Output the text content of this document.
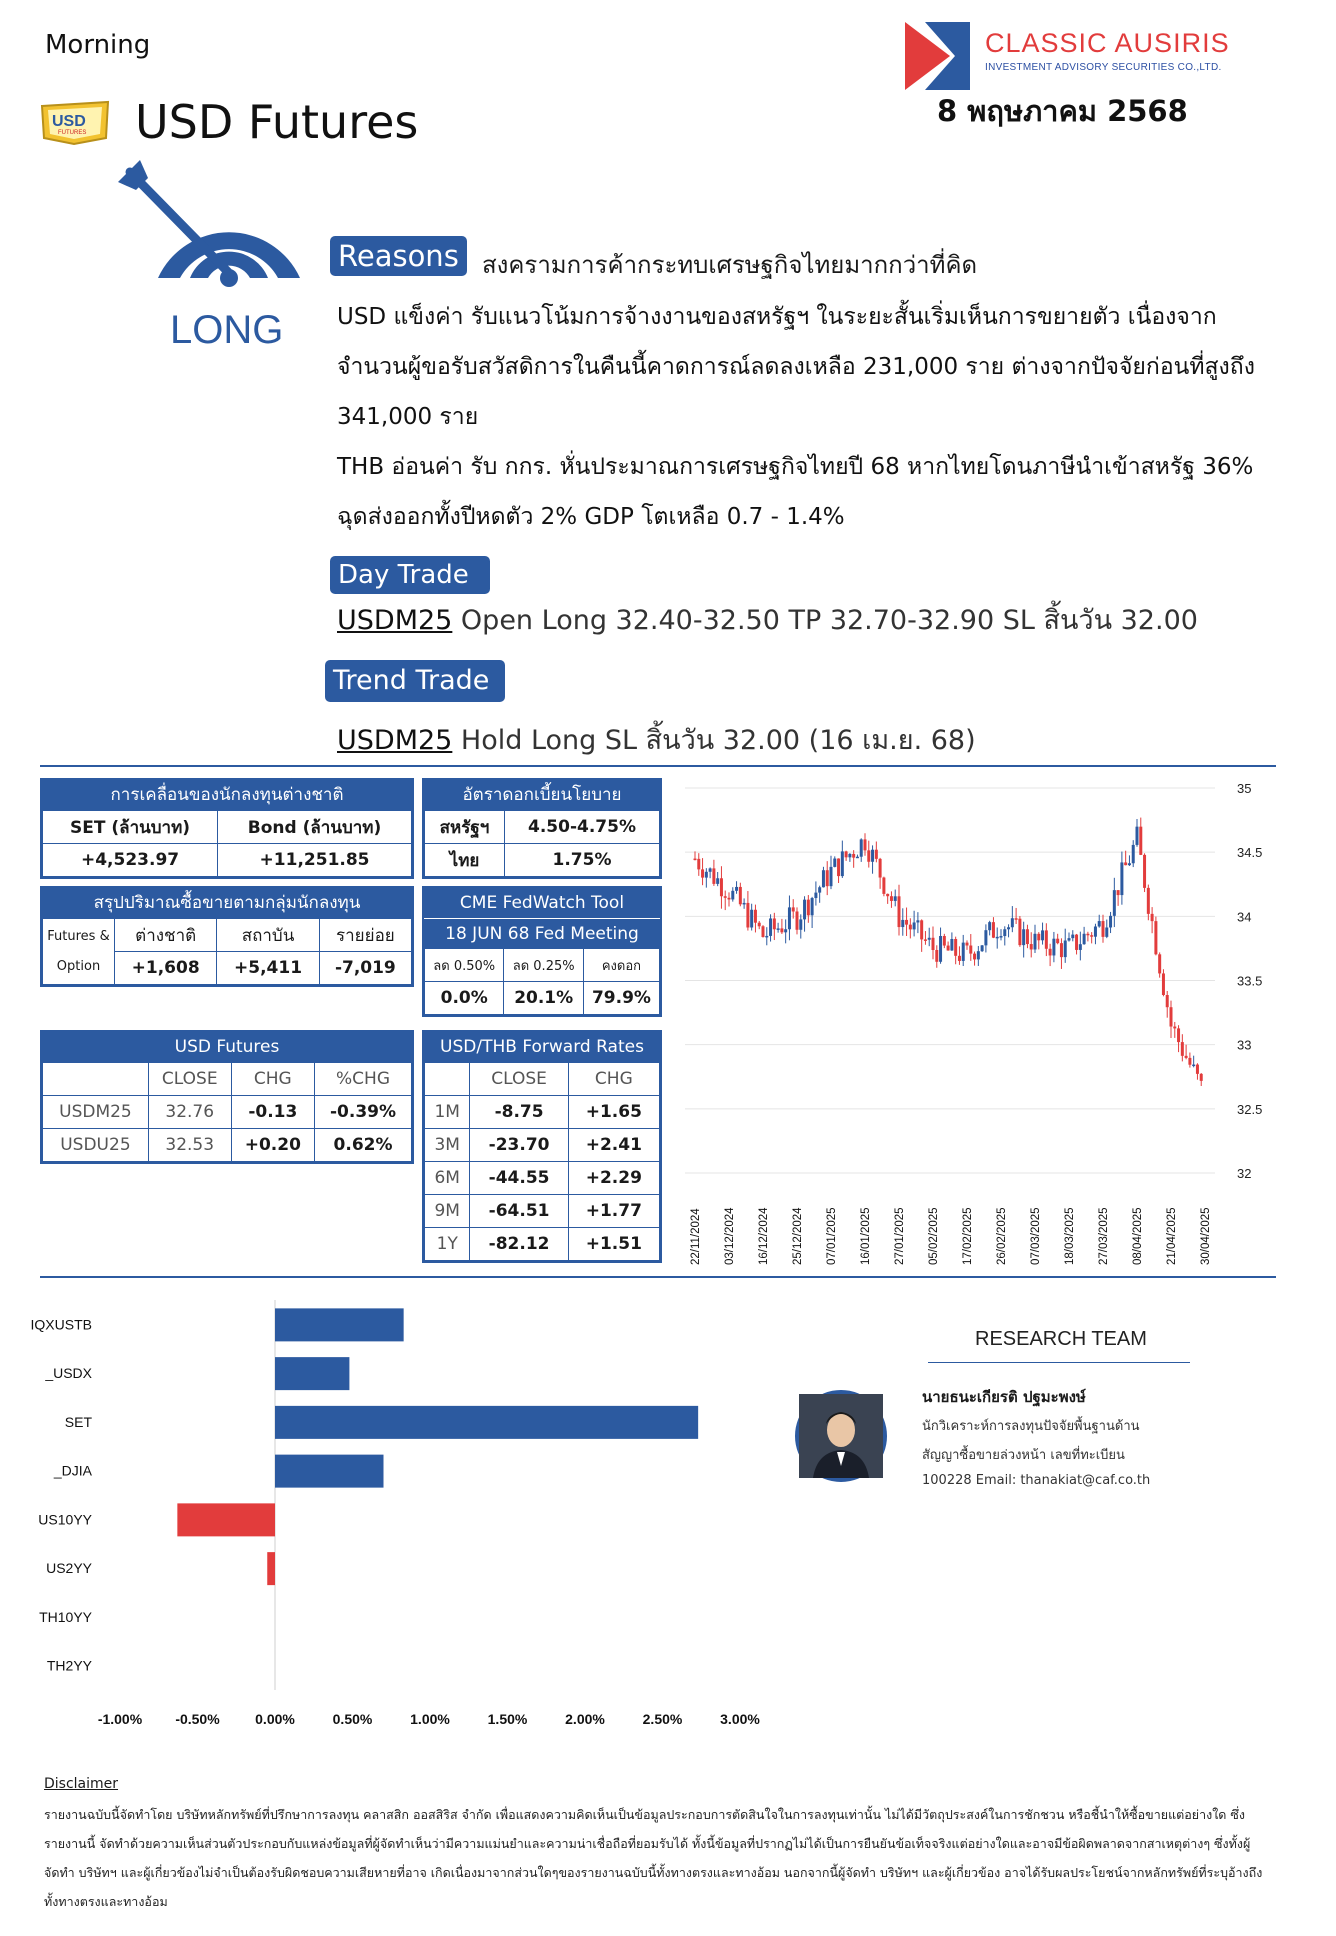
Morning
USD
FUTURES USD Futures
CLASSIC AUSIRIS
INVESTMENT ADVISORY SECURITIES CO.,LTD.
8 พฤษภาคม 2568
LONG
Reasons สงครามการค้ากระทบเศรษฐกิจไทยมากกว่าที่คิด
USD แข็งค่า รับแนวโน้มการจ้างงานของสหรัฐฯ ในระยะสั้นเริ่มเห็นการขยายตัว เนื่องจากจำนวนผู้ขอรับสวัสดิการในคืนนี้คาดการณ์ลดลงเหลือ 231,000 ราย ต่างจากปัจจัยก่อนที่สูงถึง 341,000 ราย
THB อ่อนค่า รับ กกร. หั่นประมาณการเศรษฐกิจไทยปี 68 หากไทยโดนภาษีนำเข้าสหรัฐ 36% ฉุดส่งออกทั้งปีหดตัว 2% GDP โตเหลือ 0.7 - 1.4%
Day Trade
USDM25 Open Long 32.40-32.50 TP 32.70-32.90 SL สิ้นวัน 32.00
Trend Trade
USDM25 Hold Long SL สิ้นวัน 32.00 (16 เม.ย. 68)
การเคลื่อนของนักลงทุนต่างชาติ
SET (ล้านบาท)	Bond (ล้านบาท)
+4,523.97	+11,251.85
อัตราดอกเบี้ยนโยบาย
สหรัฐฯ	4.50-4.75%
ไทย	1.75%
สรุปปริมาณซื้อขายตามกลุ่มนักลงทุน
Futures &

Option	ต่างชาติ	สถาบัน	รายย่อย
	+1,608	+5,411	-7,019
CME FedWatch Tool
18 JUN 68 Fed Meeting
ลด 0.50%	ลด 0.25%	คงดอก
0.0%	20.1%	79.9%
USD Futures
	CLOSE	CHG	%CHG
USDM25	32.76	-0.13	-0.39%
USDU25	32.53	+0.20	0.62%
USD/THB Forward Rates
	CLOSE	CHG
1M	-8.75	+1.65
3M	-23.70	+2.41
6M	-44.55	+2.29
9M	-64.51	+1.77
1Y	-82.12	+1.51
35
34.5
34
33.5
33
32.5
32
22/11/2024 03/12/2024 16/12/2024 25/12/2024 07/01/2025 16/01/2025 27/01/2025 05/02/2025 17/02/2025 26/02/2025 07/03/2025 18/03/2025 27/03/2025 08/04/2025 21/04/2025 30/04/2025
IQXUSTB
_USDX
SET
_DJIA
US10YY
US2YY
TH10YY
TH2YY
-1.00% -0.50%	0.00%	0.50%	1.00%	1.50%	2.00%	2.50%	3.00%
RESEARCH TEAM
นายธนะเกียรติ ปฐมะพงษ์
นักวิเคราะห์การลงทุนปัจจัยพื้นฐานด้าน
สัญญาซื้อขายล่วงหน้า เลขที่ทะเบียน
100228 Email: thanakiat@caf.co.th
Disclaimer
รายงานฉบับนี้จัดทำโดย บริษัทหลักทรัพย์ที่ปรึกษาการลงทุน คลาสสิก ออสสิริส จำกัด เพื่อแสดงความคิดเห็นเป็นข้อมูลประกอบการตัดสินใจในการลงทุนเท่านั้น ไม่ได้มีวัตถุประสงค์ในการชักชวน หรือชี้นำให้ซื้อขายแต่อย่างใด ซึ่งรายงานนี้ จัดทำด้วยความเห็นส่วนตัวประกอบกับแหล่งข้อมูลที่ผู้จัดทำเห็นว่ามีความแม่นยำและความน่าเชื่อถือที่ยอมรับได้ ทั้งนี้ข้อมูลที่ปรากฏไม่ได้เป็นการยืนยันข้อเท็จจริงแต่อย่างใดและอาจมีข้อผิดพลาดจากสาเหตุต่างๆ ซึ่งทั้งผู้จัดทำ บริษัทฯ และผู้เกี่ยวข้องไม่จำเป็นต้องรับผิดชอบความเสียหายที่อาจ เกิดเนื่องมาจากส่วนใดๆของรายงานฉบับนี้ทั้งทางตรงและทางอ้อม นอกจากนี้ผู้จัดทำ บริษัทฯ และผู้เกี่ยวข้อง อาจได้รับผลประโยชน์จากหลักทรัพย์ที่ระบุอ้างถึงทั้งทางตรงและทางอ้อม
